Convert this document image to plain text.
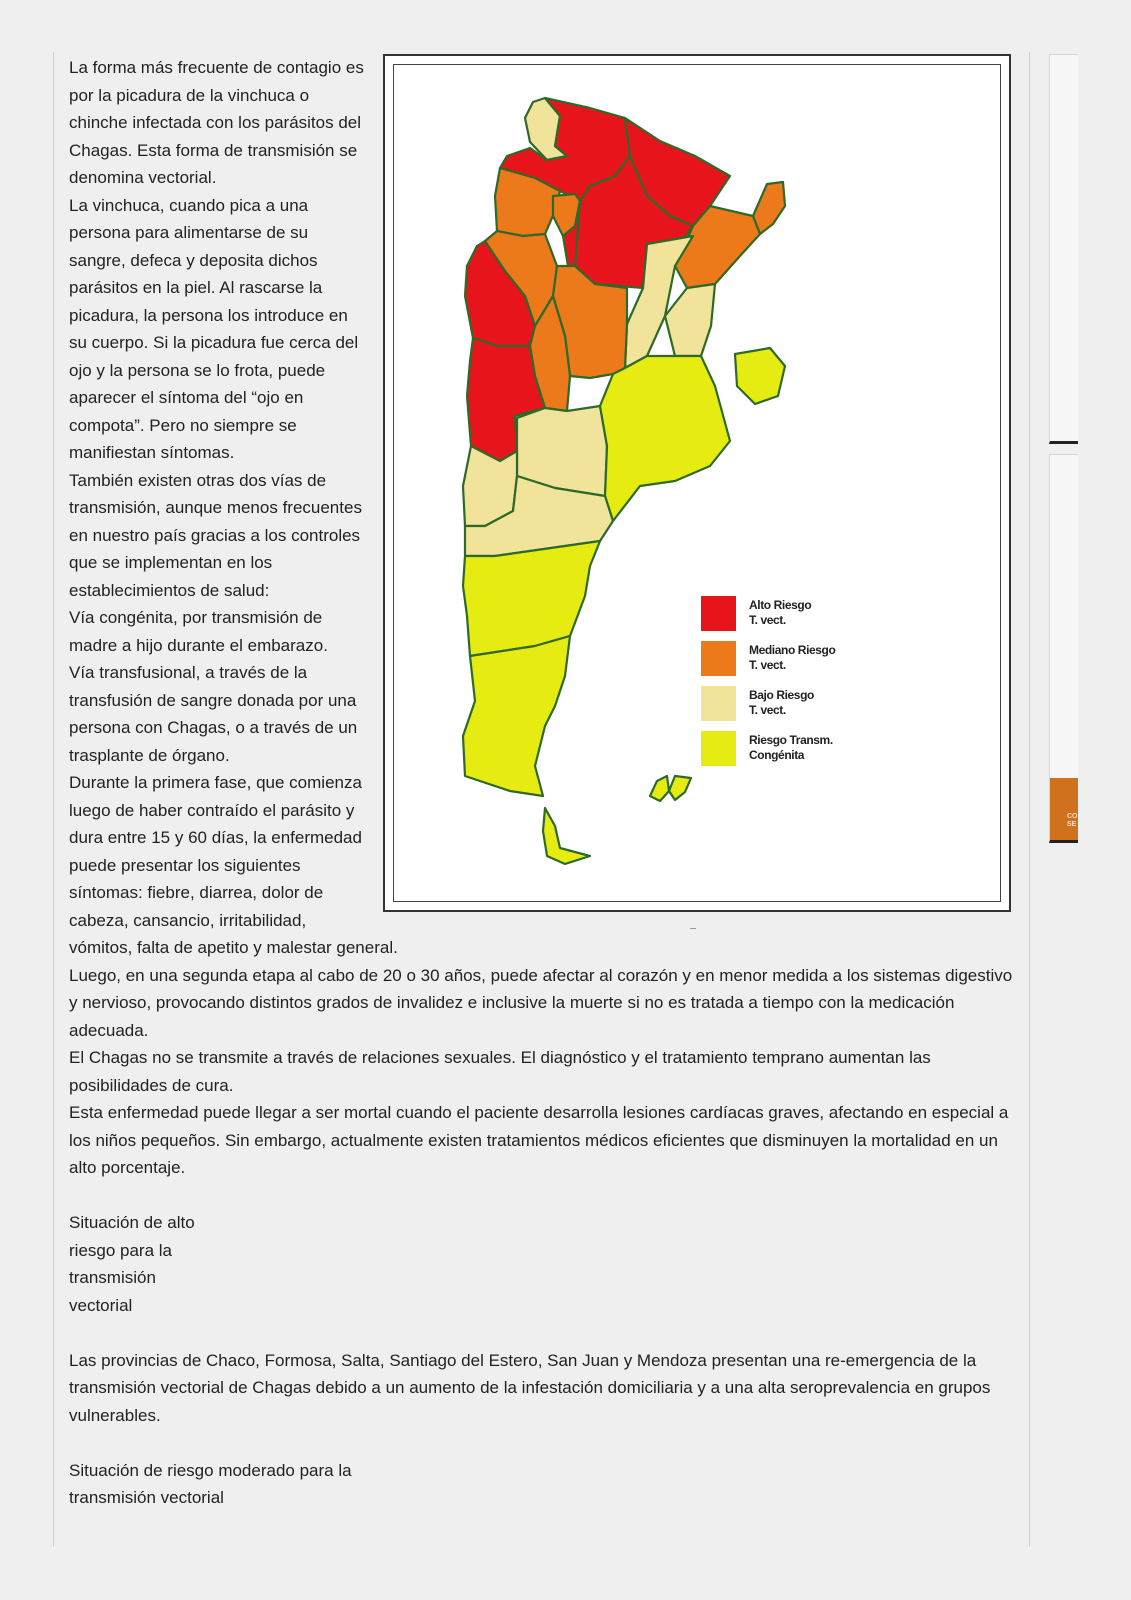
CO SE
Alto Riesgo
T. vect.
Mediano Riesgo
T. vect.
Bajo Riesgo
T. vect.
Riesgo Transm.
Congénita

La forma más frecuente de contagio es por la picadura de la vinchuca o chinche infectada con los parásitos del Chagas. Esta forma de transmisión se denomina vectorial.

La vinchuca, cuando pica a una persona para alimentarse de su sangre, defeca y deposita dichos parásitos en la piel. Al rascarse la picadura, la persona los introduce en su cuerpo. Si la picadura fue cerca del ojo y la persona se lo frota, puede aparecer el síntoma del “ojo en compota”. Pero no siempre se manifiestan síntomas.

También existen otras dos vías de transmisión, aunque menos frecuentes en nuestro país gracias a los controles que se implementan en los establecimientos de salud:

Vía congénita, por transmisión de madre a hijo durante el embarazo.

Vía transfusional, a través de la transfusión de sangre donada por una persona con Chagas, o a través de un trasplante de órgano.

Durante la primera fase, que comienza luego de haber contraído el parásito y dura entre 15 y 60 días, la enfermedad puede presentar los siguientes síntomas: fiebre, diarrea, dolor de cabeza, cansancio, irritabilidad, vómitos, falta de apetito y malestar general.

Luego, en una segunda etapa al cabo de 20 o 30 años, puede afectar al corazón y en menor medida a los sistemas digestivo y nervioso, provocando distintos grados de invalidez e inclusive la muerte si no es tratada a tiempo con la medicación adecuada.

El Chagas no se transmite a través de relaciones sexuales. El diagnóstico y el tratamiento temprano aumentan las posibilidades de cura.

Esta enfermedad puede llegar a ser mortal cuando el paciente desarrolla lesiones cardíacas graves, afectando en especial a los niños pequeños. Sin embargo, actualmente existen tratamientos médicos eficientes que disminuyen la mortalidad en un alto porcentaje.

Situación de alto riesgo para la transmisión vectorial

Las provincias de Chaco, Formosa, Salta, Santiago del Estero, San Juan y Mendoza presentan una re-emergencia de la transmisión vectorial de Chagas debido a un aumento de la infestación domiciliaria y a una alta seroprevalencia en grupos vulnerables.

Situación de riesgo moderado para la transmisión vectorial
